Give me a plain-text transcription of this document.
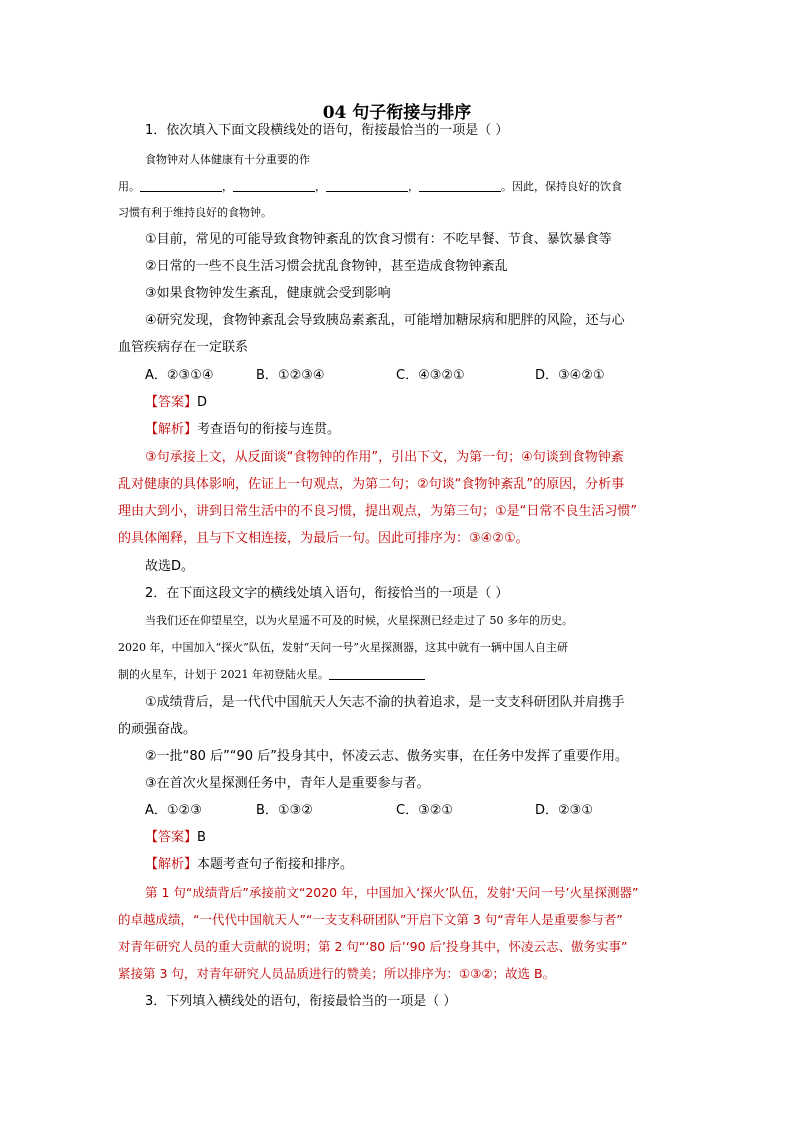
04 句子衔接与排序
1．依次填入下面文段横线处的语句，衔接最恰当的一项是（ ）
食物钟对人体健康有十分重要的作
用。	，	，	，	。因此，保持良好的饮食
习惯有利于维持良好的食物钟。
①目前，常见的可能导致食物钟紊乱的饮食习惯有：不吃早餐、节食、暴饮暴食等
②日常的一些不良生活习惯会扰乱食物钟，甚至造成食物钟紊乱
③如果食物钟发生紊乱，健康就会受到影响
④研究发现，食物钟紊乱会导致胰岛素紊乱，可能增加糖尿病和肥胖的风险，还与心
血管疾病存在一定联系
A．②③①④	B．①②③④	C．④③②①	D．③④②①
【答案】D
【解析】考查语句的衔接与连贯。
③句承接上文，从反面谈“食物钟的作用”，引出下文，为第一句；④句谈到食物钟紊
乱对健康的具体影响，佐证上一句观点，为第二句；②句谈“食物钟紊乱”的原因，分析事
理由大到小，讲到日常生活中的不良习惯，提出观点，为第三句；①是“日常不良生活习惯”
的具体阐释，且与下文相连接，为最后一句。因此可排序为：③④②①。
故选D。
2．在下面这段文字的横线处填入语句，衔接恰当的一项是（ ）
当我们还在仰望星空，以为火星遥不可及的时候，火星探测已经走过了 50 多年的历史。
2020 年，中国加入“探火”队伍，发射“天问一号”火星探测器，这其中就有一辆中国人自主研
制的火星车，计划于 2021 年初登陆火星。
①成绩背后，是一代代中国航天人矢志不渝的执着追求，是一支支科研团队并肩携手
的顽强奋战。
②一批“80 后”“90 后”投身其中，怀凌云志、傲务实事，在任务中发挥了重要作用。
③在首次火星探测任务中，青年人是重要参与者。
A．①②③	B．①③②	C．③②①	D．②③①
【答案】B
【解析】本题考查句子衔接和排序。
第 1 句“成绩背后”承接前文“2020 年，中国加入‘探火’队伍，发射‘天问一号’火星探测器”
的卓越成绩，“一代代中国航天人”“一支支科研团队”开启下文第 3 句“青年人是重要参与者”
对青年研究人员的重大贡献的说明；第 2 句“‘80 后’‘90 后’投身其中，怀凌云志、傲务实事”
紧接第 3 句，对青年研究人员品质进行的赞美；所以排序为：①③②；故选 B。
3．下列填入横线处的语句，衔接最恰当的一项是（ ）
